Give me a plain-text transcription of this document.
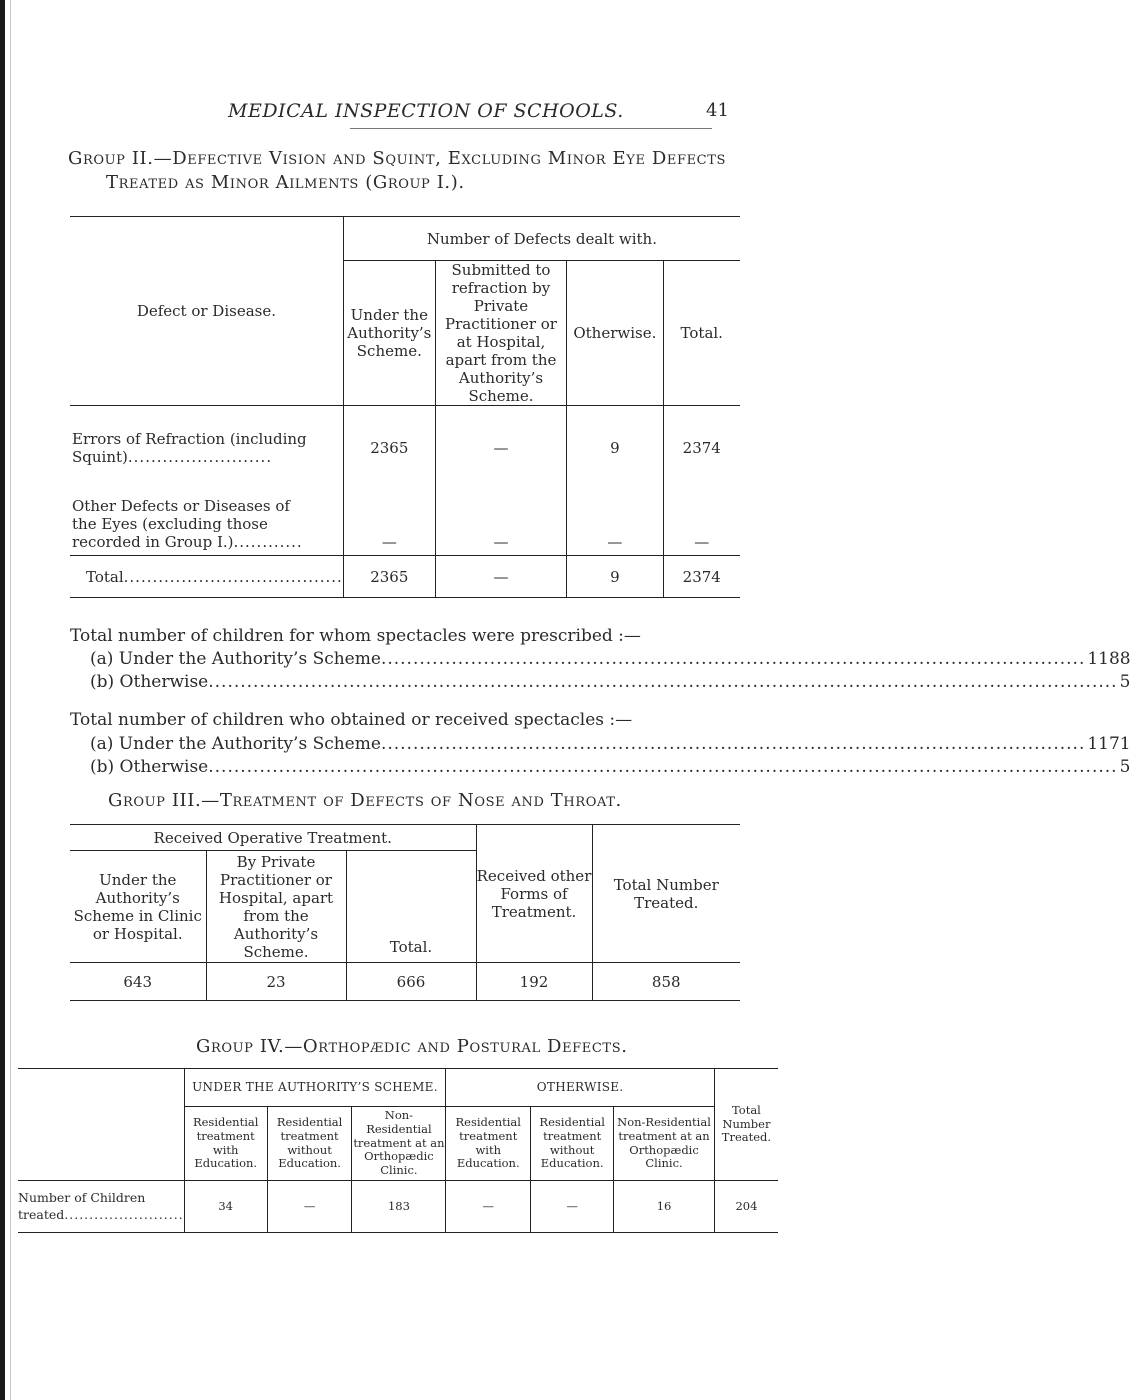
MEDICAL INSPECTION OF SCHOOLS.	41
Group II.—Defective Vision and Squint, Excluding Minor Eye Defects
Treated as Minor Ailments (Group I.).
Defect or Disease.	Number of Defects dealt with.			
	Under the Authority’s Scheme.	Submitted to refraction by Private Practitioner or at Hospital, apart from the Authority’s Scheme.	Otherwise.	Total.
Errors of Refraction (including
Squint).........................	2365	—	9	2374
Other Defects or Diseases of
the Eyes (excluding those
recorded in Group I.)............	—	—	—	—
Total......................................	2365	—	9	2374
Total number of children for whom spectacles were prescribed :—
(a) Under the Authority’s Scheme .............................................................................................................. 1188
(b) Otherwise .............................................................................................................................................. 5
Total number of children who obtained or received spectacles :—
(a) Under the Authority’s Scheme .............................................................................................................. 1171
(b) Otherwise .............................................................................................................................................. 5
Group III.—Treatment of Defects of Nose and Throat.
Received Operative Treatment.			Received other Forms of Treatment.	Total Number Treated.
Under the Authority’s Scheme in Clinic or Hospital.	By Private Practitioner or Hospital, apart from the Authority’s Scheme.	Total.		
643	23	666	192	858
Group IV.—Orthopædic and Postural Defects.
	UNDER THE AUTHORITY’S SCHEME.			OTHERWISE.			Total Number Treated.
	Residential treatment with Education.	Residential treatment without Education.	Non-Residential treatment at an Orthopædic Clinic.	Residential treatment with Education.	Residential treatment without Education.	Non-Residential treatment at an Orthopædic Clinic.	
Number of Children
treated........................	34	—	183	—	—	16	204
